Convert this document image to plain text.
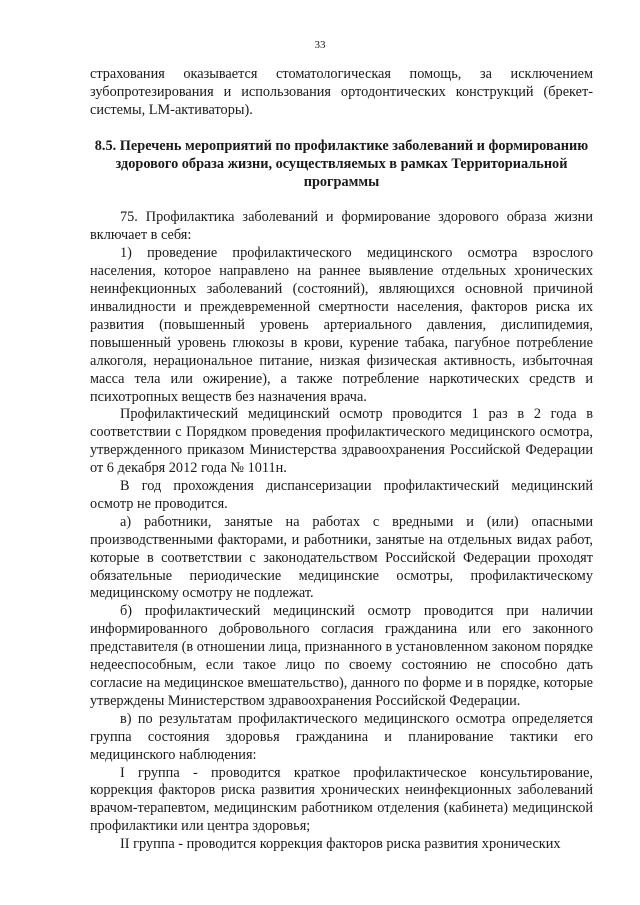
33

страхования оказывается стоматологическая помощь, за исключением зубопротезирования и использования ортодонтических конструкций (брекет-системы, LM-активаторы).

8.5. Перечень мероприятий по профилактике заболеваний и формированию здорового образа жизни, осуществляемых в рамках Территориальной программы

75. Профилактика заболеваний и формирование здорового образа жизни включает в себя:

1) проведение профилактического медицинского осмотра взрослого населения, которое направлено на раннее выявление отдельных хронических неинфекционных заболеваний (состояний), являющихся основной причиной инвалидности и преждевременной смертности населения, факторов риска их развития (повышенный уровень артериального давления, дислипидемия, повышенный уровень глюкозы в крови, курение табака, пагубное потребление алкоголя, нерациональное питание, низкая физическая активность, избыточная масса тела или ожирение), а также потребление наркотических средств и психотропных веществ без назначения врача.

Профилактический медицинский осмотр проводится 1 раз в 2 года в соответствии с Порядком проведения профилактического медицинского осмотра, утвержденного приказом Министерства здравоохранения Российской Федерации от 6 декабря 2012 года № 1011н.

В год прохождения диспансеризации профилактический медицинский осмотр не проводится.

а) работники, занятые на работах с вредными и (или) опасными производственными факторами, и работники, занятые на отдельных видах работ, которые в соответствии с законодательством Российской Федерации проходят обязательные периодические медицинские осмотры, профилактическому медицинскому осмотру не подлежат.

б) профилактический медицинский осмотр проводится при наличии информированного добровольного согласия гражданина или его законного представителя (в отношении лица, признанного в установленном законом порядке недееспособным, если такое лицо по своему состоянию не способно дать согласие на медицинское вмешательство), данного по форме и в порядке, которые утверждены Министерством здравоохранения Российской Федерации.

в) по результатам профилактического медицинского осмотра определяется группа состояния здоровья гражданина и планирование тактики его медицинского наблюдения:

I группа - проводится краткое профилактическое консультирование, коррекция факторов риска развития хронических неинфекционных заболеваний врачом-терапевтом, медицинским работником отделения (кабинета) медицинской профилактики или центра здоровья;

II группа - проводится коррекция факторов риска развития хронических
